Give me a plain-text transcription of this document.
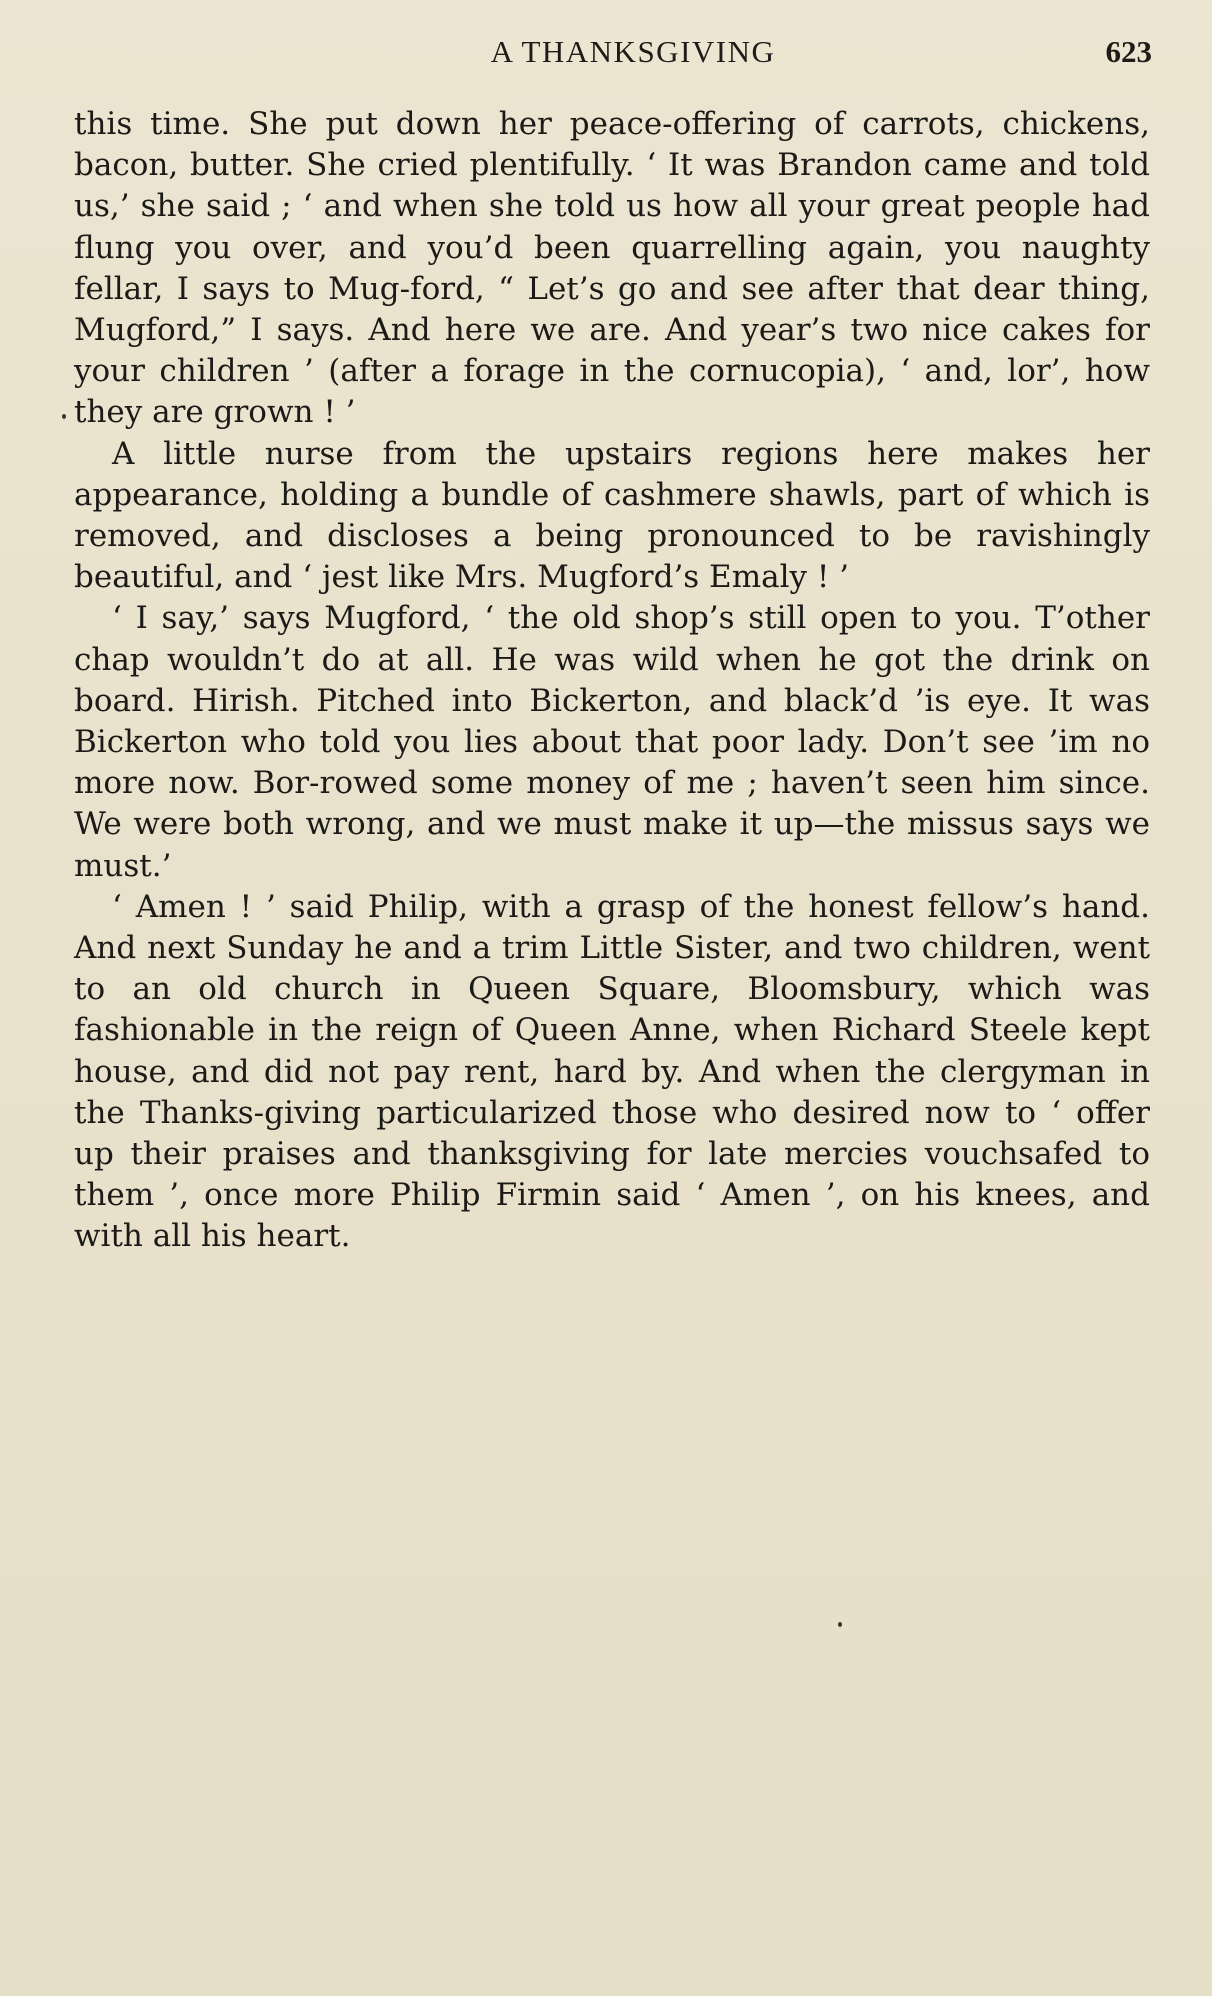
A THANKSGIVING	623

this time. She put down her peace-offering of carrots, chickens, bacon, butter. She cried plentifully. ‘ It was Brandon came and told us,’ she said ; ‘ and when she told us how all your great people had flung you over, and you’d been quarrelling again, you naughty fellar, I says to Mug-ford, “ Let’s go and see after that dear thing, Mugford,” I says. And here we are. And year’s two nice cakes for your children ’ (after a forage in the cornucopia), ‘ and, lor’, how they are grown ! ’

A little nurse from the upstairs regions here makes her appearance, holding a bundle of cashmere shawls, part of which is removed, and discloses a being pronounced to be ravishingly beautiful, and ‘ jest like Mrs. Mugford’s Emaly ! ’

‘ I say,’ says Mugford, ‘ the old shop’s still open to you. T’other chap wouldn’t do at all. He was wild when he got the drink on board. Hirish. Pitched into Bickerton, and black’d ’is eye. It was Bickerton who told you lies about that poor lady. Don’t see ’im no more now. Bor-rowed some money of me ; haven’t seen him since. We were both wrong, and we must make it up—the missus says we must.’

‘ Amen ! ’ said Philip, with a grasp of the honest fellow’s hand. And next Sunday he and a trim Little Sister, and two children, went to an old church in Queen Square, Bloomsbury, which was fashionable in the reign of Queen Anne, when Richard Steele kept house, and did not pay rent, hard by. And when the clergyman in the Thanks-giving particularized those who desired now to ‘ offer up their praises and thanksgiving for late mercies vouchsafed to them ’, once more Philip Firmin said ‘ Amen ’, on his knees, and with all his heart.
